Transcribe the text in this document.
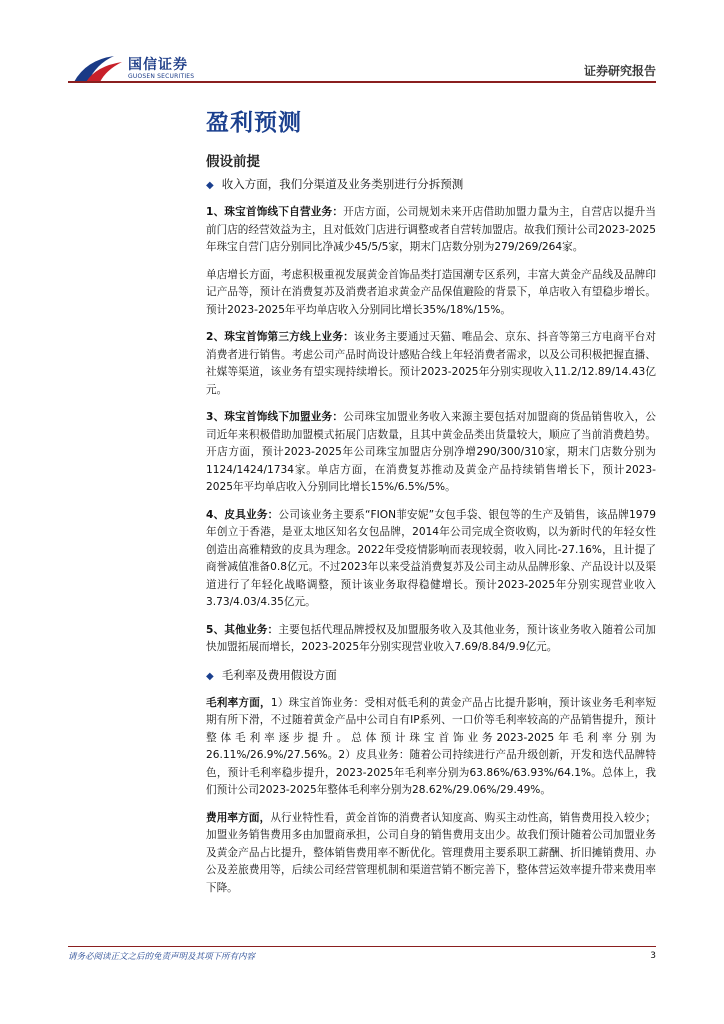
国信证券
GUOSEN SECURITIES	证券研究报告
盈利预测
假设前提

◆ 收入方面，我们分渠道及业务类别进行分拆预测

1、珠宝首饰线下自营业务：开店方面，公司规划未来开店借助加盟力量为主，自营店以提升当前门店的经营效益为主，且对低效门店进行调整或者自营转加盟店。故我们预计公司2023-2025年珠宝自营门店分别同比净减少45/5/5家，期末门店数分别为279/269/264家。

单店增长方面，考虑积极重视发展黄金首饰品类打造国潮专区系列，丰富大黄金产品线及品牌印记产品等，预计在消费复苏及消费者追求黄金产品保值避险的背景下，单店收入有望稳步增长。预计2023-2025年平均单店收入分别同比增长35%/18%/15%。

2、珠宝首饰第三方线上业务：该业务主要通过天猫、唯品会、京东、抖音等第三方电商平台对消费者进行销售。考虑公司产品时尚设计感贴合线上年轻消费者需求，以及公司积极把握直播、社媒等渠道，该业务有望实现持续增长。预计2023-2025年分别实现收入11.2/12.89/14.43亿元。

3、珠宝首饰线下加盟业务：公司珠宝加盟业务收入来源主要包括对加盟商的货品销售收入，公司近年来积极借助加盟模式拓展门店数量，且其中黄金品类出货量较大，顺应了当前消费趋势。开店方面，预计2023-2025年公司珠宝加盟店分别净增290/300/310家，期末门店数分别为1124/1424/1734家。单店方面，在消费复苏推动及黄金产品持续销售增长下，预计2023-2025年平均单店收入分别同比增长15%/6.5%/5%。

4、皮具业务：公司该业务主要系“FION菲安妮”女包手袋、银包等的生产及销售，该品牌1979年创立于香港，是亚太地区知名女包品牌，2014年公司完成全资收购，以为新时代的年轻女性创造出高雅精致的皮具为理念。2022年受疫情影响而表现较弱，收入同比-27.16%，且计提了商誉减值准备0.8亿元。不过2023年以来受益消费复苏及公司主动从品牌形象、产品设计以及渠道进行了年轻化战略调整，预计该业务取得稳健增长。预计2023-2025年分别实现营业收入3.73/4.03/4.35亿元。

5、其他业务：主要包括代理品牌授权及加盟服务收入及其他业务，预计该业务收入随着公司加快加盟拓展而增长，2023-2025年分别实现营业收入7.69/8.84/9.9亿元。

◆ 毛利率及费用假设方面

毛利率方面，1）珠宝首饰业务：受相对低毛利的黄金产品占比提升影响，预计该业务毛利率短期有所下滑，不过随着黄金产品中公司自有IP系列、一口价等毛利率较高的产品销售提升，预计整体毛利率逐步提升。总体预计珠宝首饰业务2023-2025年毛利率分别为26.11%/26.9%/27.56%。2）皮具业务：随着公司持续进行产品升级创新，开发和迭代品牌特色，预计毛利率稳步提升，2023-2025年毛利率分别为63.86%/63.93%/64.1%。总体上，我们预计公司2023-2025年整体毛利率分别为28.62%/29.06%/29.49%。

费用率方面，从行业特性看，黄金首饰的消费者认知度高、购买主动性高，销售费用投入较少；加盟业务销售费用多由加盟商承担，公司自身的销售费用支出少。故我们预计随着公司加盟业务及黄金产品占比提升，整体销售费用率不断优化。管理费用主要系职工薪酬、折旧摊销费用、办公及差旅费用等，后续公司经营管理机制和渠道营销不断完善下，整体营运效率提升带来费用率下降。

请务必阅读正文之后的免责声明及其项下所有内容	3
